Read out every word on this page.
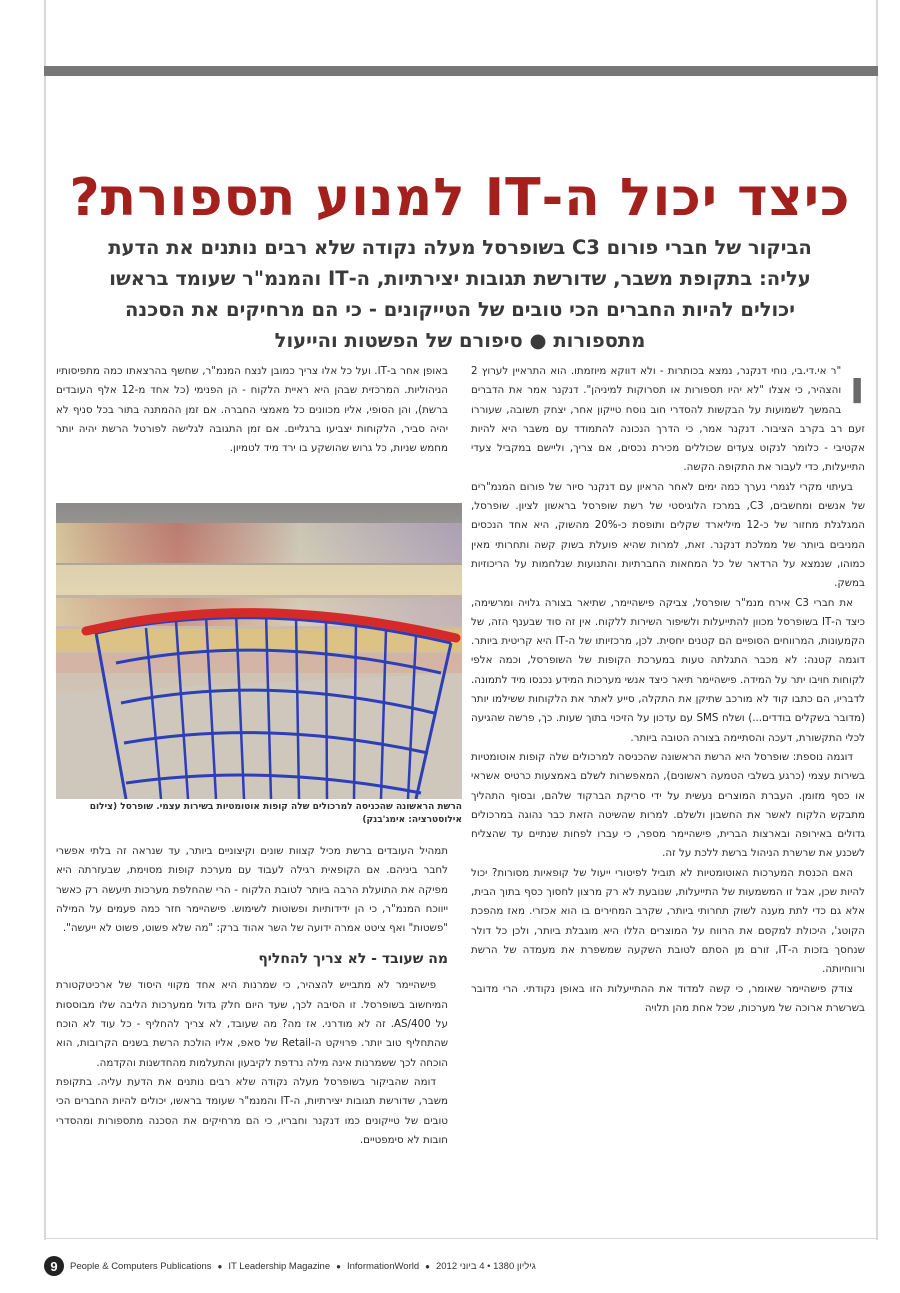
כיצד יכול ה-IT למנוע תספורת?
הביקור של חברי פורום C3 בשופרסל מעלה נקודה שלא רבים נותנים את הדעת עליה: בתקופת משבר, שדורשת תגובות יצירתיות, ה-IT והמנמ"ר שעומד בראשו יכולים להיות החברים הכי טובים של הטייקונים - כי הם מרחיקים את הסכנה מתספורות ● סיפורם של הפשטות והייעול
ו

"ר אי.די.בי, נוחי דנקנר, נמצא בכותרות - ולא דווקא מיוזמתו. הוא התראיין לערוץ 2 והצהיר, כי אצלו "לא יהיו תספורות או תסרוקות למיניהן". דנקנר אמר את הדברים בהמשך לשמועות על הבקשות להסדרי חוב נוסח טייקון אחר, יצחק תשובה, שעוררו זעם רב בקרב הציבור. דנקנר אמר, כי הדרך הנכונה להתמודד עם משבר היא להיות אקטיבי - כלומר לנקוט צעדים שכוללים מכירת נכסים, אם צריך, וליישם במקביל צעדי התייעלות, כדי לעבור את התקופה הקשה.

בעיתוי מקרי לגמרי נערך כמה ימים לאחר הראיון עם דנקנר סיור של פורום המנמ"רים של אנשים ומחשבים, C3, במרכז הלוגיסטי של רשת שופרסל בראשון לציון. שופרסל, המגלגלת מחזור של כ-12 מיליארד שקלים ותופסת כ-20% מהשוק, היא אחד הנכסים המניבים ביותר של ממלכת דנקנר. זאת, למרות שהיא פועלת בשוק קשה ותחרותי מאין כמוהו, שנמצא על הרדאר של כל המחאות החברתיות והתנועות שנלחמות על הריכוזיות במשק.

את חברי C3 אירח מנמ"ר שופרסל, צביקה פישהיימר, שתיאר בצורה גלויה ומרשימה, כיצד ה-IT בשופרסל מכוון להתייעלות ולשיפור השירות ללקוח. אין זה סוד שבענף הזה, של הקמעונות, המרווחים הסופיים הם קטנים יחסית. לכן, מרכזיותו של ה-IT היא קריטית ביותר. דוגמה קטנה: לא מכבר התגלתה טעות במערכת הקופות של השופרסל, וכמה אלפי לקוחות חויבו יתר על המידה. פישהיימר תיאר כיצד אנשי מערכות המידע נכנסו מיד לתמונה. לדבריו, הם כתבו קוד לא מורכב שתיקן את התקלה, סייע לאתר את הלקוחות ששילמו יותר (מדובר בשקלים בודדים...) ושלח SMS עם עדכון על הזיכוי בתוך שעות. כך, פרשה שהגיעה לכלי התקשורת, דעכה והסתיימה בצורה הטובה ביותר.

דוגמה נוספת: שופרסל היא הרשת הראשונה שהכניסה למרכולים שלה קופות אוטומטיות בשירות עצמי (כרגע בשלבי הטמעה ראשונים), המאפשרות לשלם באמצעות כרטיס אשראי או כסף מזומן. העברת המוצרים נעשית על ידי סריקת הברקוד שלהם, ובסוף התהליך מתבקש הלקוח לאשר את החשבון ולשלם. למרות שהשיטה הזאת כבר נהוגה במרכולים גדולים באירופה ובארצות הברית, פישהיימר מספר, כי עברו לפחות שנתיים עד שהצליח לשכנע את שרשרת הניהול ברשת ללכת על זה.

האם הכנסת המערכות האוטומטיות לא תוביל לפיטורי ייעול של קופאיות מסורות? יכול להיות שכן, אבל זו המשמעות של התייעלות, שנובעת לא רק מרצון לחסוך כסף בתוך הבית, אלא גם כדי לתת מענה לשוק תחרותי ביותר, שקרב המחירים בו הוא אכזרי. מאז מהפכת הקוטג', היכולת למקסם את הרווח על המוצרים הללו היא מוגבלת ביותר, ולכן כל דולר שנחסך בזכות ה-IT, זורם מן הסתם לטובת השקעה שמשפרת את מעמדה של הרשת ורווחיותה.

צודק פישהיימר שאומר, כי קשה למדוד את ההתייעלות הזו באופן נקודתי. הרי מדובר בשרשרת ארוכה של מערכות, שכל אחת מהן תלויה

באופן אחר ב-IT. ועל כל אלו צריך כמובן לנצח המנמ"ר, שחשף בהרצאתו כמה מתפיסותיו הניהוליות. המרכזית שבהן היא ראיית הלקוח - הן הפנימי (כל אחד מ-12 אלף העובדים ברשת), והן הסופי, אליו מכוונים כל מאמצי החברה. אם זמן ההמתנה בתור בכל סניף לא יהיה סביר, הלקוחות יצביעו ברגליים. אם זמן התגובה לגלישה לפורטל הרשת יהיה יותר מחמש שניות, כל גרוש שהושקע בו ירד מיד לטמיון.

הרשת הראשונה שהכניסה למרכולים שלה קופות אוטומטיות בשירות עצמי. שופרסל (צילום אילוסטרציה: אימג'בנק)

תמהיל העובדים ברשת מכיל קצוות שונים וקיצוניים ביותר, עד שנראה זה בלתי אפשרי לחבר ביניהם. אם הקופאית רגילה לעבוד עם מערכת קופות מסוימת, שבעזרתה היא מפיקה את התועלת הרבה ביותר לטובת הלקוח - הרי שהחלפת מערכות תיעשה רק כאשר ייווכח המנמ"ר, כי הן ידידותיות ופשוטות לשימוש. פישהיימר חזר כמה פעמים על המילה "פשטות" ואף ציטט אמרה ידועה של השר אהוד ברק: "מה שלא פשוט, פשוט לא ייעשה".

מה שעובד - לא צריך להחליף

פישהיימר לא מתבייש להצהיר, כי שמרנות היא אחד מקווי היסוד של ארכיטקטורת המיחשוב בשופרסל. זו הסיבה לכך, שעד היום חלק גדול ממערכות הליבה שלו מבוססות על AS/400. זה לא מודרני. אז מה? מה שעובד, לא צריך להחליף - כל עוד לא הוכח שהתחליף טוב יותר. פרויקט ה-Retail של סאפ, אליו הולכת הרשת בשנים הקרובות, הוא הוכחה לכך ששמרנות אינה מילה נרדפת לקיבעון והתעלמות מהחדשנות והקדמה.

דומה שהביקור בשופרסל מעלה נקודה שלא רבים נותנים את הדעת עליה. בתקופת משבר, שדורשת תגובות יצירתיות, ה-IT והמנמ"ר שעומד בראשו, יכולים להיות החברים הכי טובים של טייקונים כמו דנקנר וחבריו, כי הם מרחיקים את הסכנה מתספורות ומהסדרי חובות לא סימפטיים.

9	People & Computers Publications ● IT Leadership Magazine ● InformationWorld ● גיליון 1380 • 4 ביוני 2012
